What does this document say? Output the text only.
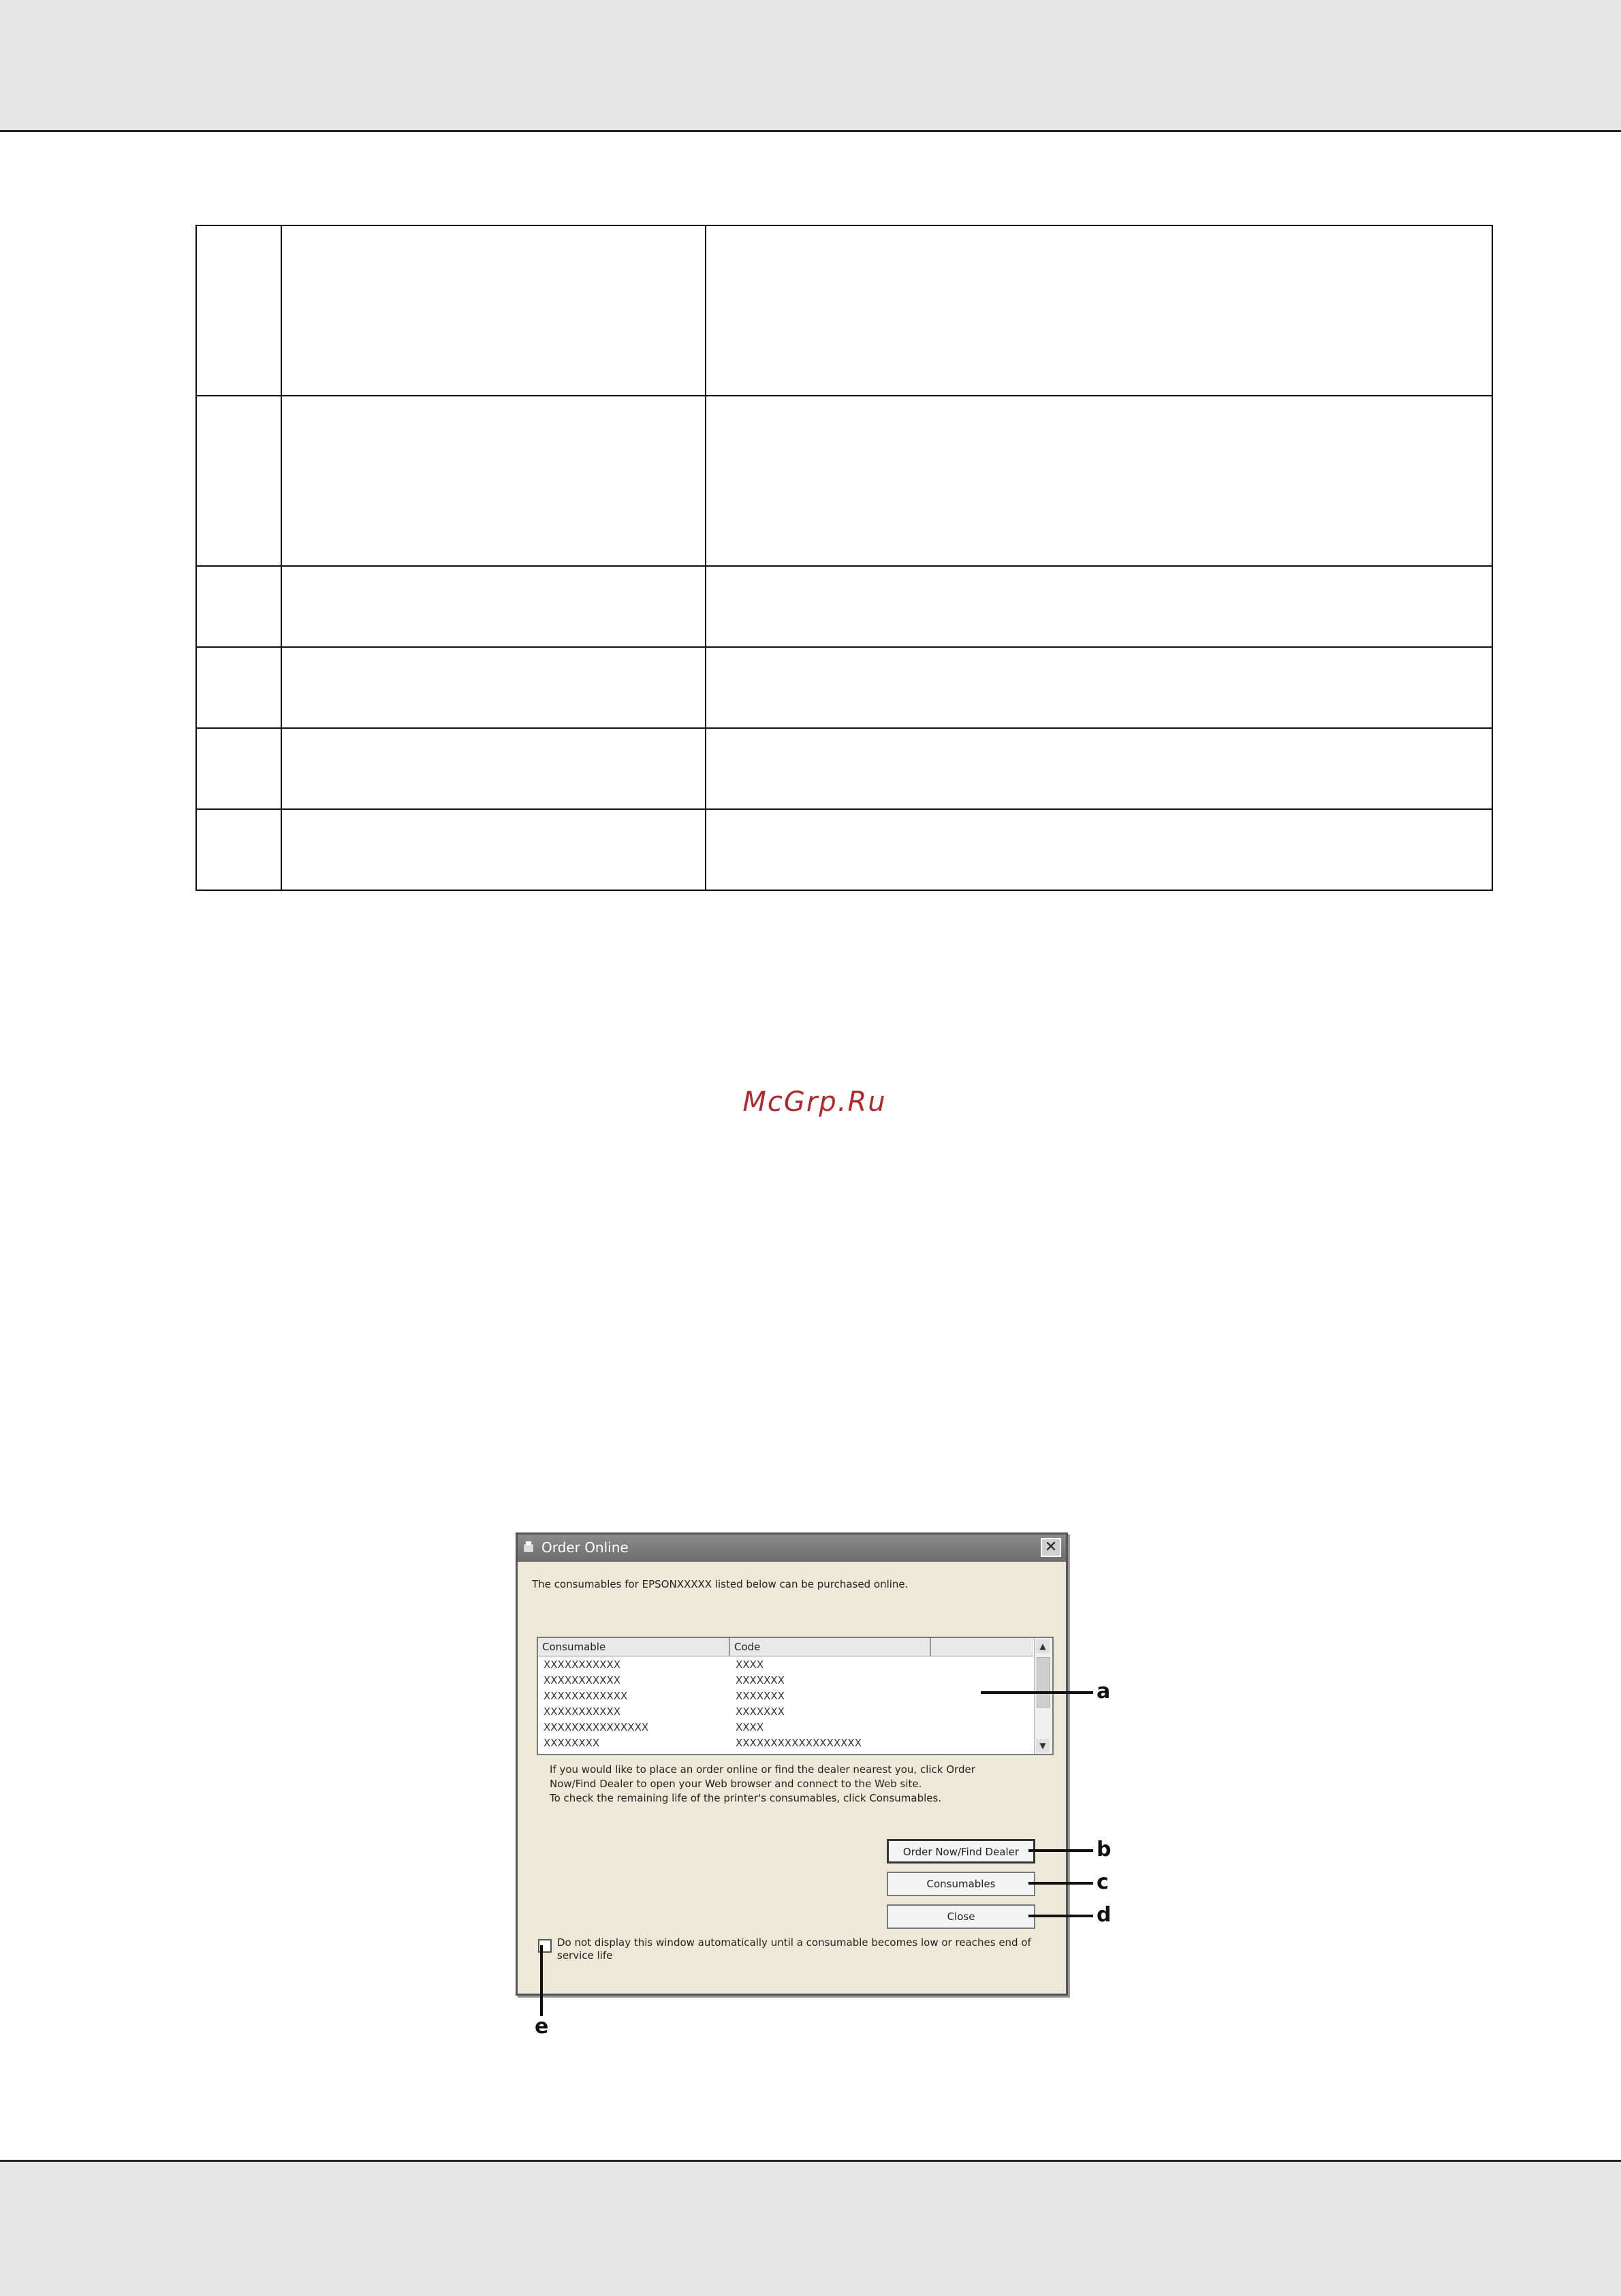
McGrp.Ru
Order Online	✕
The consumables for EPSONXXXXX listed below can be purchased online.
Consumable	Code
XXXXXXXXXXX	XXXX
XXXXXXXXXXX	XXXXXXX
XXXXXXXXXXXX	XXXXXXX
XXXXXXXXXXX	XXXXXXX
XXXXXXXXXXXXXXX	XXXX
XXXXXXXX	XXXXXXXXXXXXXXXXXX
▲
▼
If you would like to place an order online or find the dealer nearest you, click Order
Now/Find Dealer to open your Web browser and connect to the Web site.
To check the remaining life of the printer's consumables, click Consumables.
Order Now/Find Dealer
Consumables
Close
Do not display this window automatically until a consumable becomes low or reaches end of service life
a
b
c
d
e
